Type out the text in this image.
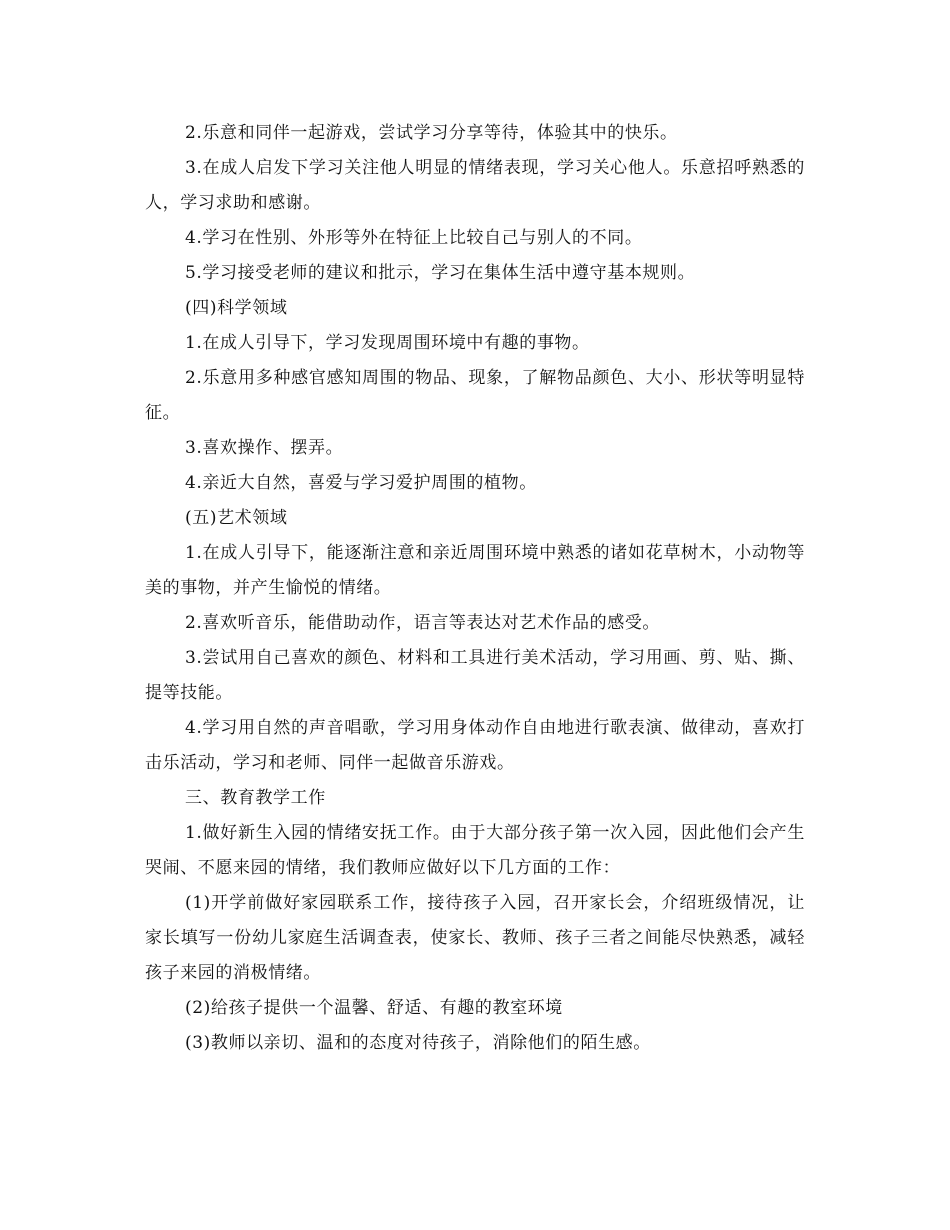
2.乐意和同伴一起游戏，尝试学习分享等待，体验其中的快乐。

3.在成人启发下学习关注他人明显的情绪表现，学习关心他人。乐意招呼熟悉的人，学习求助和感谢。

4.学习在性别、外形等外在特征上比较自己与别人的不同。

5.学习接受老师的建议和批示，学习在集体生活中遵守基本规则。

(四)科学领域

1.在成人引导下，学习发现周围环境中有趣的事物。

2.乐意用多种感官感知周围的物品、现象，了解物品颜色、大小、形状等明显特征。

3.喜欢操作、摆弄。

4.亲近大自然，喜爱与学习爱护周围的植物。

(五)艺术领域

1.在成人引导下，能逐渐注意和亲近周围环境中熟悉的诸如花草树木，小动物等美的事物，并产生愉悦的情绪。

2.喜欢听音乐，能借助动作，语言等表达对艺术作品的感受。

3.尝试用自己喜欢的颜色、材料和工具进行美术活动，学习用画、剪、贴、撕、提等技能。

4.学习用自然的声音唱歌，学习用身体动作自由地进行歌表演、做律动，喜欢打击乐活动，学习和老师、同伴一起做音乐游戏。

三、教育教学工作

1.做好新生入园的情绪安抚工作。由于大部分孩子第一次入园，因此他们会产生哭闹、不愿来园的情绪，我们教师应做好以下几方面的工作：

(1)开学前做好家园联系工作，接待孩子入园，召开家长会，介绍班级情况，让家长填写一份幼儿家庭生活调查表，使家长、教师、孩子三者之间能尽快熟悉，减轻孩子来园的消极情绪。

(2)给孩子提供一个温馨、舒适、有趣的教室环境

(3)教师以亲切、温和的态度对待孩子，消除他们的陌生感。
